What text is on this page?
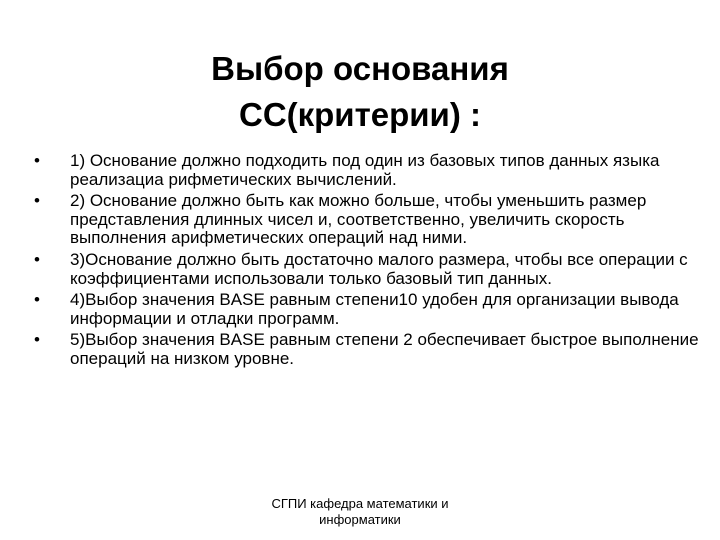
Выбор основания
СС(критерии) :
•	1) Основание должно подходить под один из базовых типов данных языка реализациа рифметических вычислений.
•	2) Основание должно быть как можно больше, чтобы уменьшить размер представления длинных чисел и, соответственно, увеличить скорость выполнения арифметических операций над ними.
•	3)Основание должно быть достаточно малого размера, чтобы все операции с коэффициентами использовали только базовый тип данных.
•	4)Выбор значения BASE равным степени10 удобен для организации вывода информации и отладки программ.
•	5)Выбор значения BASE равным степени 2 обеспечивает быстрое выполнение операций на низком уровне.
СГПИ кафедра математики и
информатики
